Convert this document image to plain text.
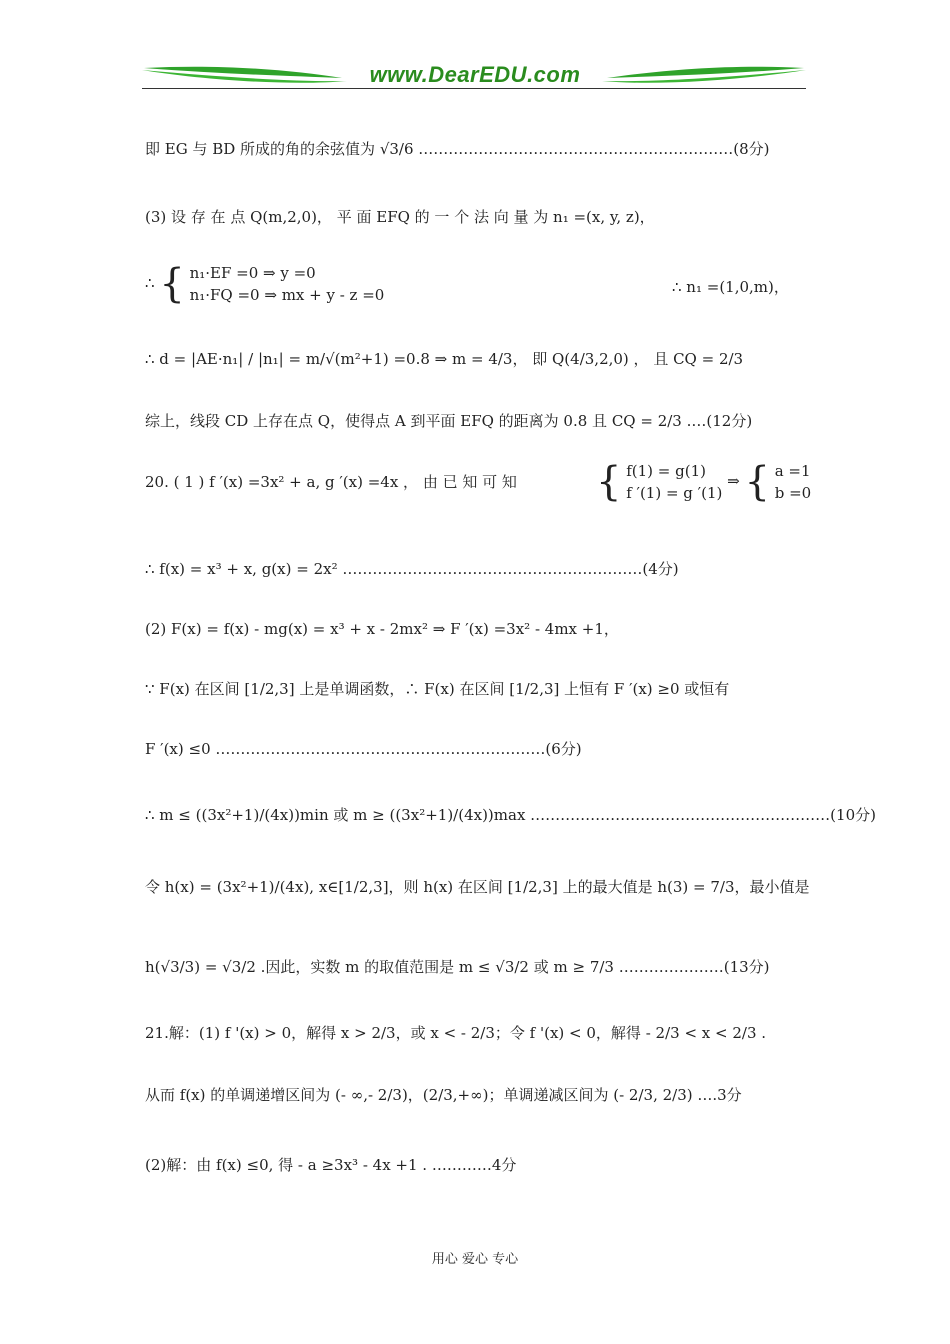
www.DearEDU.com
即 EG 与 BD 所成的角的余弦值为 √3/6 ………………………………………………………(8分)
(3) 设 存 在 点 Q(m,2,0)， 平 面 EFQ 的 一 个 法 向 量 为 n₁ =(x, y, z)，
∴ { n₁·EF =0 ⇒ y =0
n₁·FQ =0 ⇒ mx + y - z =0	∴ n₁ =(1,0,m)，
∴ d = |AE·n₁| / |n₁| = m/√(m²+1) =0.8 ⇒ m = 4/3， 即 Q(4/3,2,0) ， 且 CQ = 2/3
综上，线段 CD 上存在点 Q，使得点 A 到平面 EFQ 的距离为 0.8 且 CQ = 2/3 .…(12分)
20. ( 1 ) f ′(x) =3x² + a, g ′(x) =4x ， 由 已 知 可 知 { f(1) = g(1)
f ′(1) = g ′(1)
⇒ { a =1
b =0
∴ f(x) = x³ + x, g(x) = 2x² ……………………………………………………(4分)
(2) F(x) = f(x) - mg(x) = x³ + x - 2mx² ⇒ F ′(x) =3x² - 4mx +1，
∵ F(x) 在区间 [1/2,3] 上是单调函数，∴ F(x) 在区间 [1/2,3] 上恒有 F ′(x) ≥0 或恒有
F ′(x) ≤0 …………………………………………………………(6分)
∴ m ≤ ((3x²+1)/(4x))min 或 m ≥ ((3x²+1)/(4x))max ……………………………………………………(10分)
令 h(x) = (3x²+1)/(4x), x∈[1/2,3]，则 h(x) 在区间 [1/2,3] 上的最大值是 h(3) = 7/3，最小值是
h(√3/3) = √3/2 .因此，实数 m 的取值范围是 m ≤ √3/2 或 m ≥ 7/3 …………………(13分)
21.解：(1) f '(x) > 0，解得 x > 2/3，或 x < - 2/3；令 f '(x) < 0，解得 - 2/3 < x < 2/3 .
从而 f(x) 的单调递增区间为 (- ∞,- 2/3)，(2/3,+∞)；单调递减区间为 (- 2/3, 2/3) ….3分
(2)解：由 f(x) ≤0, 得 - a ≥3x³ - 4x +1 . …………4分
用心 爱心 专心
